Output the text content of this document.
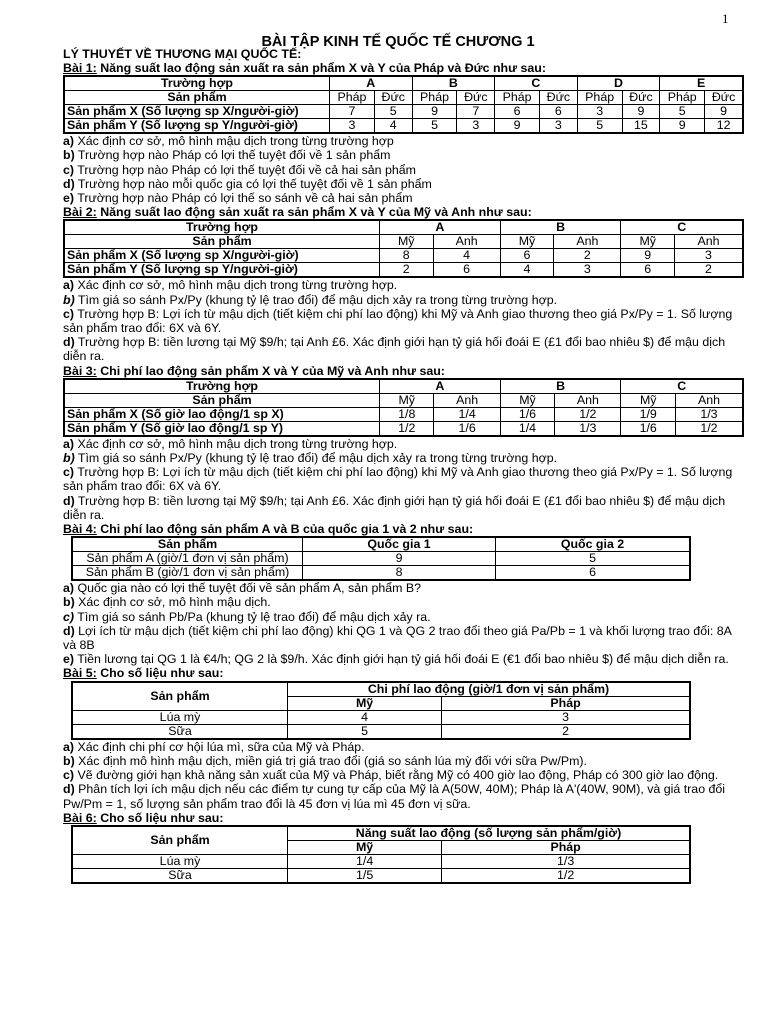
1
BÀI TẬP KINH TẾ QUỐC TẾ CHƯƠNG 1
LÝ THUYẾT VỀ THƯƠNG MẠI QUỐC TẾ:
Bài 1: Năng suất lao động sản xuất ra sản phẩm X và Y của Pháp và Đức như sau:
Trường hợp	A		B		C		D		E	
Sản phẩm	Pháp	Đức	Pháp	Đức	Pháp	Đức	Pháp	Đức	Pháp	Đức
Sản phẩm X (Số lượng sp X/người-giờ)	7	5	9	7	6	6	3	9	5	9
Sản phẩm Y (Số lượng sp Y/người-giờ)	3	4	5	3	9	3	5	15	9	12
a) Xác định cơ sở, mô hình mậu dịch trong từng trường hợp
b) Trường hợp nào Pháp có lợi thế tuyệt đối về 1 sản phẩm
c) Trường hợp nào Pháp có lợi thế tuyệt đối về cả hai sản phẩm
d) Trường hợp nào mỗi quốc gia có lợi thế tuyệt đối về 1 sản phẩm
e) Trường hợp nào Pháp có lợi thế so sánh về cả hai sản phẩm
Bài 2: Năng suất lao động sản xuất ra sản phẩm X và Y của Mỹ và Anh như sau:
Trường hợp	A		B		C	
Sản phẩm	Mỹ	Anh	Mỹ	Anh	Mỹ	Anh
Sản phẩm X (Số lượng sp X/người-giờ)	8	4	6	2	9	3
Sản phẩm Y (Số lượng sp Y/người-giờ)	2	6	4	3	6	2
a) Xác định cơ sở, mô hình mậu dịch trong từng trường hợp.
b) Tìm giá so sánh Px/Py (khung tỷ lệ trao đổi) để mậu dịch xảy ra trong từng trường hợp.
c) Trường hợp B: Lợi ích từ mậu dịch (tiết kiệm chi phí lao động) khi Mỹ và Anh giao thương theo giá Px/Py = 1. Số lượng sản phẩm trao đổi: 6X và 6Y.
d) Trường hợp B: tiền lương tại Mỹ $9/h; tại Anh £6. Xác định giới hạn tỷ giá hối đoái E (£1 đổi bao nhiêu $) để mậu dịch diễn ra.
Bài 3: Chi phí lao động sản phẩm X và Y của Mỹ và Anh như sau:
Trường hợp	A		B		C	
Sản phẩm	Mỹ	Anh	Mỹ	Anh	Mỹ	Anh
Sản phẩm X (Số giờ lao động/1 sp X)	1/8	1/4	1/6	1/2	1/9	1/3
Sản phẩm Y (Số giờ lao động/1 sp Y)	1/2	1/6	1/4	1/3	1/6	1/2
a) Xác định cơ sở, mô hình mậu dịch trong từng trường hợp.
b) Tìm giá so sánh Px/Py (khung tỷ lệ trao đổi) để mậu dịch xảy ra trong từng trường hợp.
c) Trường hợp B: Lợi ích từ mậu dịch (tiết kiệm chi phí lao động) khi Mỹ và Anh giao thương theo giá Px/Py = 1. Số lượng sản phẩm trao đổi: 6X và 6Y.
d) Trường hợp B: tiền lương tại Mỹ $9/h; tại Anh £6. Xác định giới hạn tỷ giá hối đoái E (£1 đổi bao nhiêu $) để mậu dịch diễn ra.
Bài 4: Chi phí lao động sản phẩm A và B của quốc gia 1 và 2 như sau:
Sản phẩm	Quốc gia 1	Quốc gia 2
Sản phẩm A (giờ/1 đơn vị sản phẩm)	9	5
Sản phẩm B (giờ/1 đơn vị sản phẩm)	8	6
a) Quốc gia nào có lợi thế tuyệt đối về sản phẩm A, sản phẩm B?
b) Xác định cơ sở, mô hình mậu dịch.
c) Tìm giá so sánh Pb/Pa (khung tỷ lệ trao đổi) để mậu dịch xảy ra.
d) Lợi ích từ mậu dịch (tiết kiệm chi phí lao động) khi QG 1 và QG 2 trao đổi theo giá Pa/Pb = 1 và khối lượng trao đổi: 8A và 8B
e) Tiền lương tại QG 1 là €4/h; QG 2 là $9/h. Xác định giới hạn tỷ giá hối đoái E (€1 đổi bao nhiêu $) để mậu dịch diễn ra.
Bài 5: Cho số liệu như sau:
Sản phẩm	Chi phí lao động (giờ/1 đơn vị sản phẩm)	
	Mỹ	Pháp
Lúa mỳ	4	3
Sữa	5	2
a) Xác định chi phí cơ hội lúa mì, sữa của Mỹ và Pháp.
b) Xác định mô hình mậu dịch, miền giá trị giá trao đổi (giá so sánh lúa mỳ đối với sữa Pw/Pm).
c) Vẽ đường giới hạn khả năng sản xuất của Mỹ và Pháp, biết rằng Mỹ có 400 giờ lao động, Pháp có 300 giờ lao động.
d) Phân tích lợi ích mậu dịch nếu các điểm tự cung tự cấp của Mỹ là A(50W, 40M); Pháp là A'(40W, 90M), và giá trao đổi Pw/Pm = 1, số lượng sản phẩm trao đổi là 45 đơn vị lúa mì 45 đơn vị sữa.
Bài 6: Cho số liệu như sau:
Sản phẩm	Năng suất lao động (số lượng sản phẩm/giờ)	
	Mỹ	Pháp
Lúa mỳ	1/4	1/3
Sữa	1/5	1/2
